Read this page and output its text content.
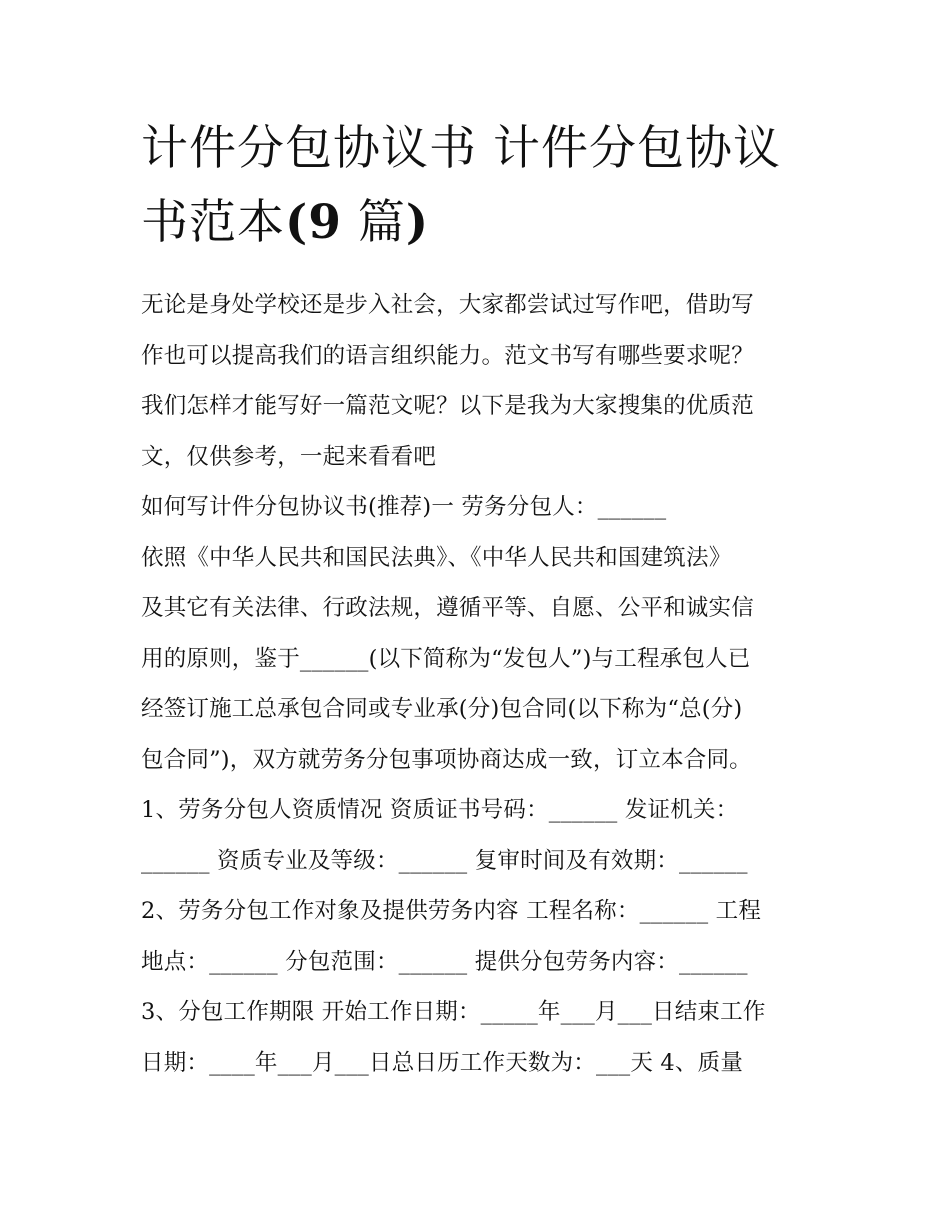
计件分包协议书 计件分包协议
书范本(9 篇)
无论是身处学校还是步入社会，大家都尝试过写作吧，借助写
作也可以提高我们的语言组织能力。范文书写有哪些要求呢？
我们怎样才能写好一篇范文呢？以下是我为大家搜集的优质范
文，仅供参考，一起来看看吧
如何写计件分包协议书(推荐)一 劳务分包人：______
依照《中华人民共和国民法典》、《中华人民共和国建筑法》
及其它有关法律、行政法规，遵循平等、自愿、公平和诚实信
用的原则，鉴于______(以下简称为“发包人”)与工程承包人已
经签订施工总承包合同或专业承(分)包合同(以下称为“总(分)
包合同”)，双方就劳务分包事项协商达成一致，订立本合同。
1、劳务分包人资质情况 资质证书号码：______ 发证机关：
______ 资质专业及等级：______ 复审时间及有效期：______
2、劳务分包工作对象及提供劳务内容 工程名称：______ 工程
地点：______ 分包范围：______ 提供分包劳务内容：______
3、分包工作期限 开始工作日期：_____年___月___日结束工作
日期：____年___月___日总日历工作天数为：___天 4、质量
